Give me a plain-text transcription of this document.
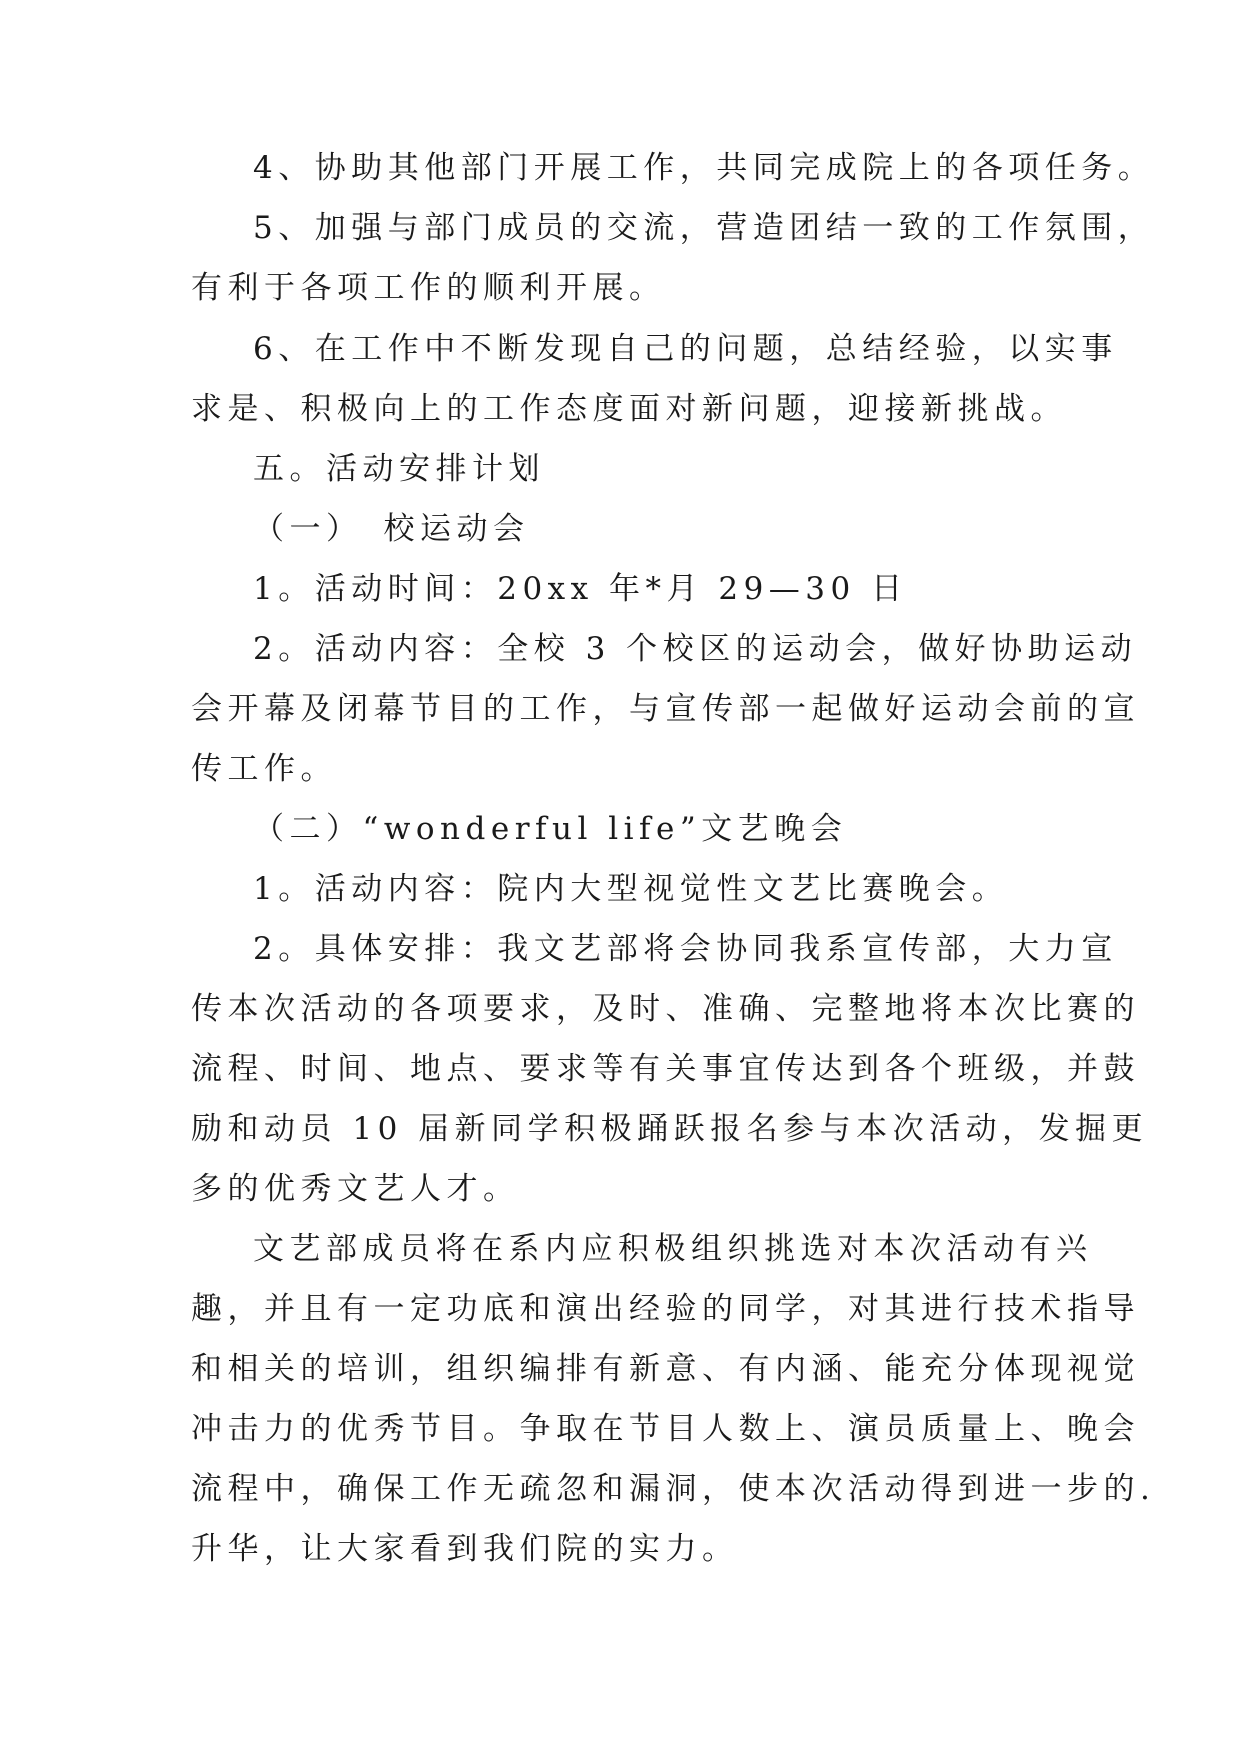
4、协助其他部门开展工作，共同完成院上的各项任务。
5、加强与部门成员的交流，营造团结一致的工作氛围，
有利于各项工作的顺利开展。
6、在工作中不断发现自己的问题，总结经验，以实事
求是、积极向上的工作态度面对新问题，迎接新挑战。
五。活动安排计划
（一）　校运动会
1。活动时间：20xx 年*月 29—30 日
2。活动内容：全校 3 个校区的运动会，做好协助运动
会开幕及闭幕节目的工作，与宣传部一起做好运动会前的宣
传工作。
（二）“wonderful life”文艺晚会
1。活动内容：院内大型视觉性文艺比赛晚会。
2。具体安排：我文艺部将会协同我系宣传部，大力宣
传本次活动的各项要求，及时、准确、完整地将本次比赛的
流程、时间、地点、要求等有关事宜传达到各个班级，并鼓
励和动员 10 届新同学积极踊跃报名参与本次活动，发掘更
多的优秀文艺人才。
文艺部成员将在系内应积极组织挑选对本次活动有兴
趣，并且有一定功底和演出经验的同学，对其进行技术指导
和相关的培训，组织编排有新意、有内涵、能充分体现视觉
冲击力的优秀节目。争取在节目人数上、演员质量上、晚会
流程中，确保工作无疏忽和漏洞，使本次活动得到进一步的.
升华，让大家看到我们院的实力。
